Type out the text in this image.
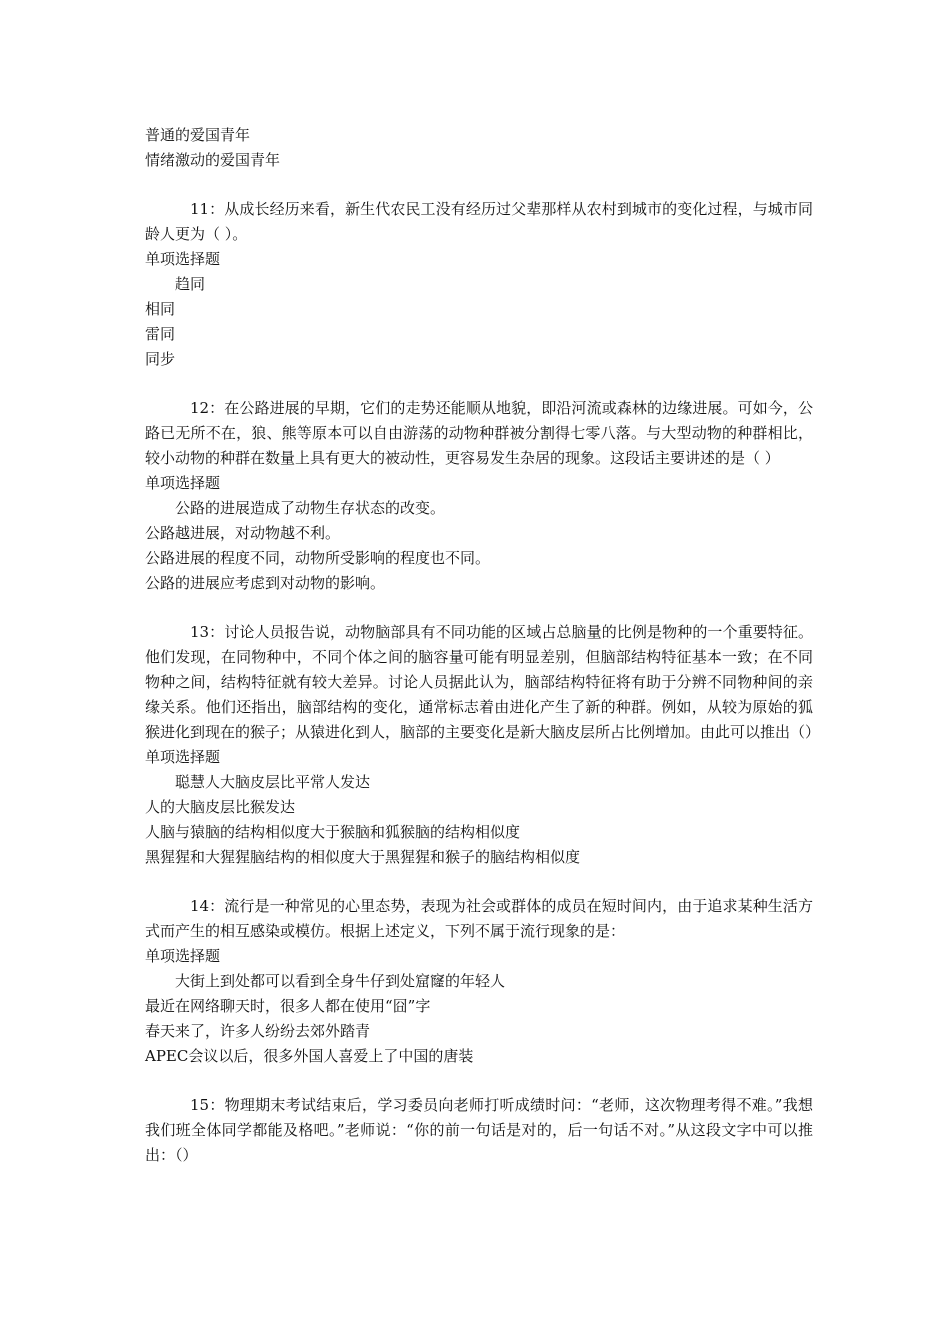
普通的爱国青年

情绪激动的爱国青年

11：从成长经历来看，新生代农民工没有经历过父辈那样从农村到城市的变化过程，与城市同龄人更为（ ）。

单项选择题

趋同

相同

雷同

同步

12：在公路进展的早期，它们的走势还能顺从地貌，即沿河流或森林的边缘进展。可如今，公路已无所不在，狼、熊等原本可以自由游荡的动物种群被分割得七零八落。与大型动物的种群相比，较小动物的种群在数量上具有更大的被动性，更容易发生杂居的现象。这段话主要讲述的是（ ）

单项选择题

公路的进展造成了动物生存状态的改变。

公路越进展，对动物越不利。

公路进展的程度不同，动物所受影响的程度也不同。

公路的进展应考虑到对动物的影响。

13：讨论人员报告说，动物脑部具有不同功能的区域占总脑量的比例是物种的一个重要特征。他们发现，在同物种中，不同个体之间的脑容量可能有明显差别，但脑部结构特征基本一致；在不同物种之间，结构特征就有较大差异。讨论人员据此认为，脑部结构特征将有助于分辨不同物种间的亲缘关系。他们还指出，脑部结构的变化，通常标志着由进化产生了新的种群。例如，从较为原始的狐猴进化到现在的猴子；从猿进化到人，脑部的主要变化是新大脑皮层所占比例增加。由此可以推出（）

单项选择题

聪慧人大脑皮层比平常人发达

人的大脑皮层比猴发达

人脑与猿脑的结构相似度大于猴脑和狐猴脑的结构相似度

黑猩猩和大猩猩脑结构的相似度大于黑猩猩和猴子的脑结构相似度

14：流行是一种常见的心里态势，表现为社会或群体的成员在短时间内，由于追求某种生活方式而产生的相互感染或模仿。根据上述定义，下列不属于流行现象的是：

单项选择题

大街上到处都可以看到全身牛仔到处窟窿的年轻人

最近在网络聊天时，很多人都在使用“囧”字

春天来了，许多人纷纷去郊外踏青

APEC会议以后，很多外国人喜爱上了中国的唐装

15：物理期末考试结束后，学习委员向老师打听成绩时问：“老师，这次物理考得不难。”我想我们班全体同学都能及格吧。”老师说：“你的前一句话是对的，后一句话不对。”从这段文字中可以推出：（）
